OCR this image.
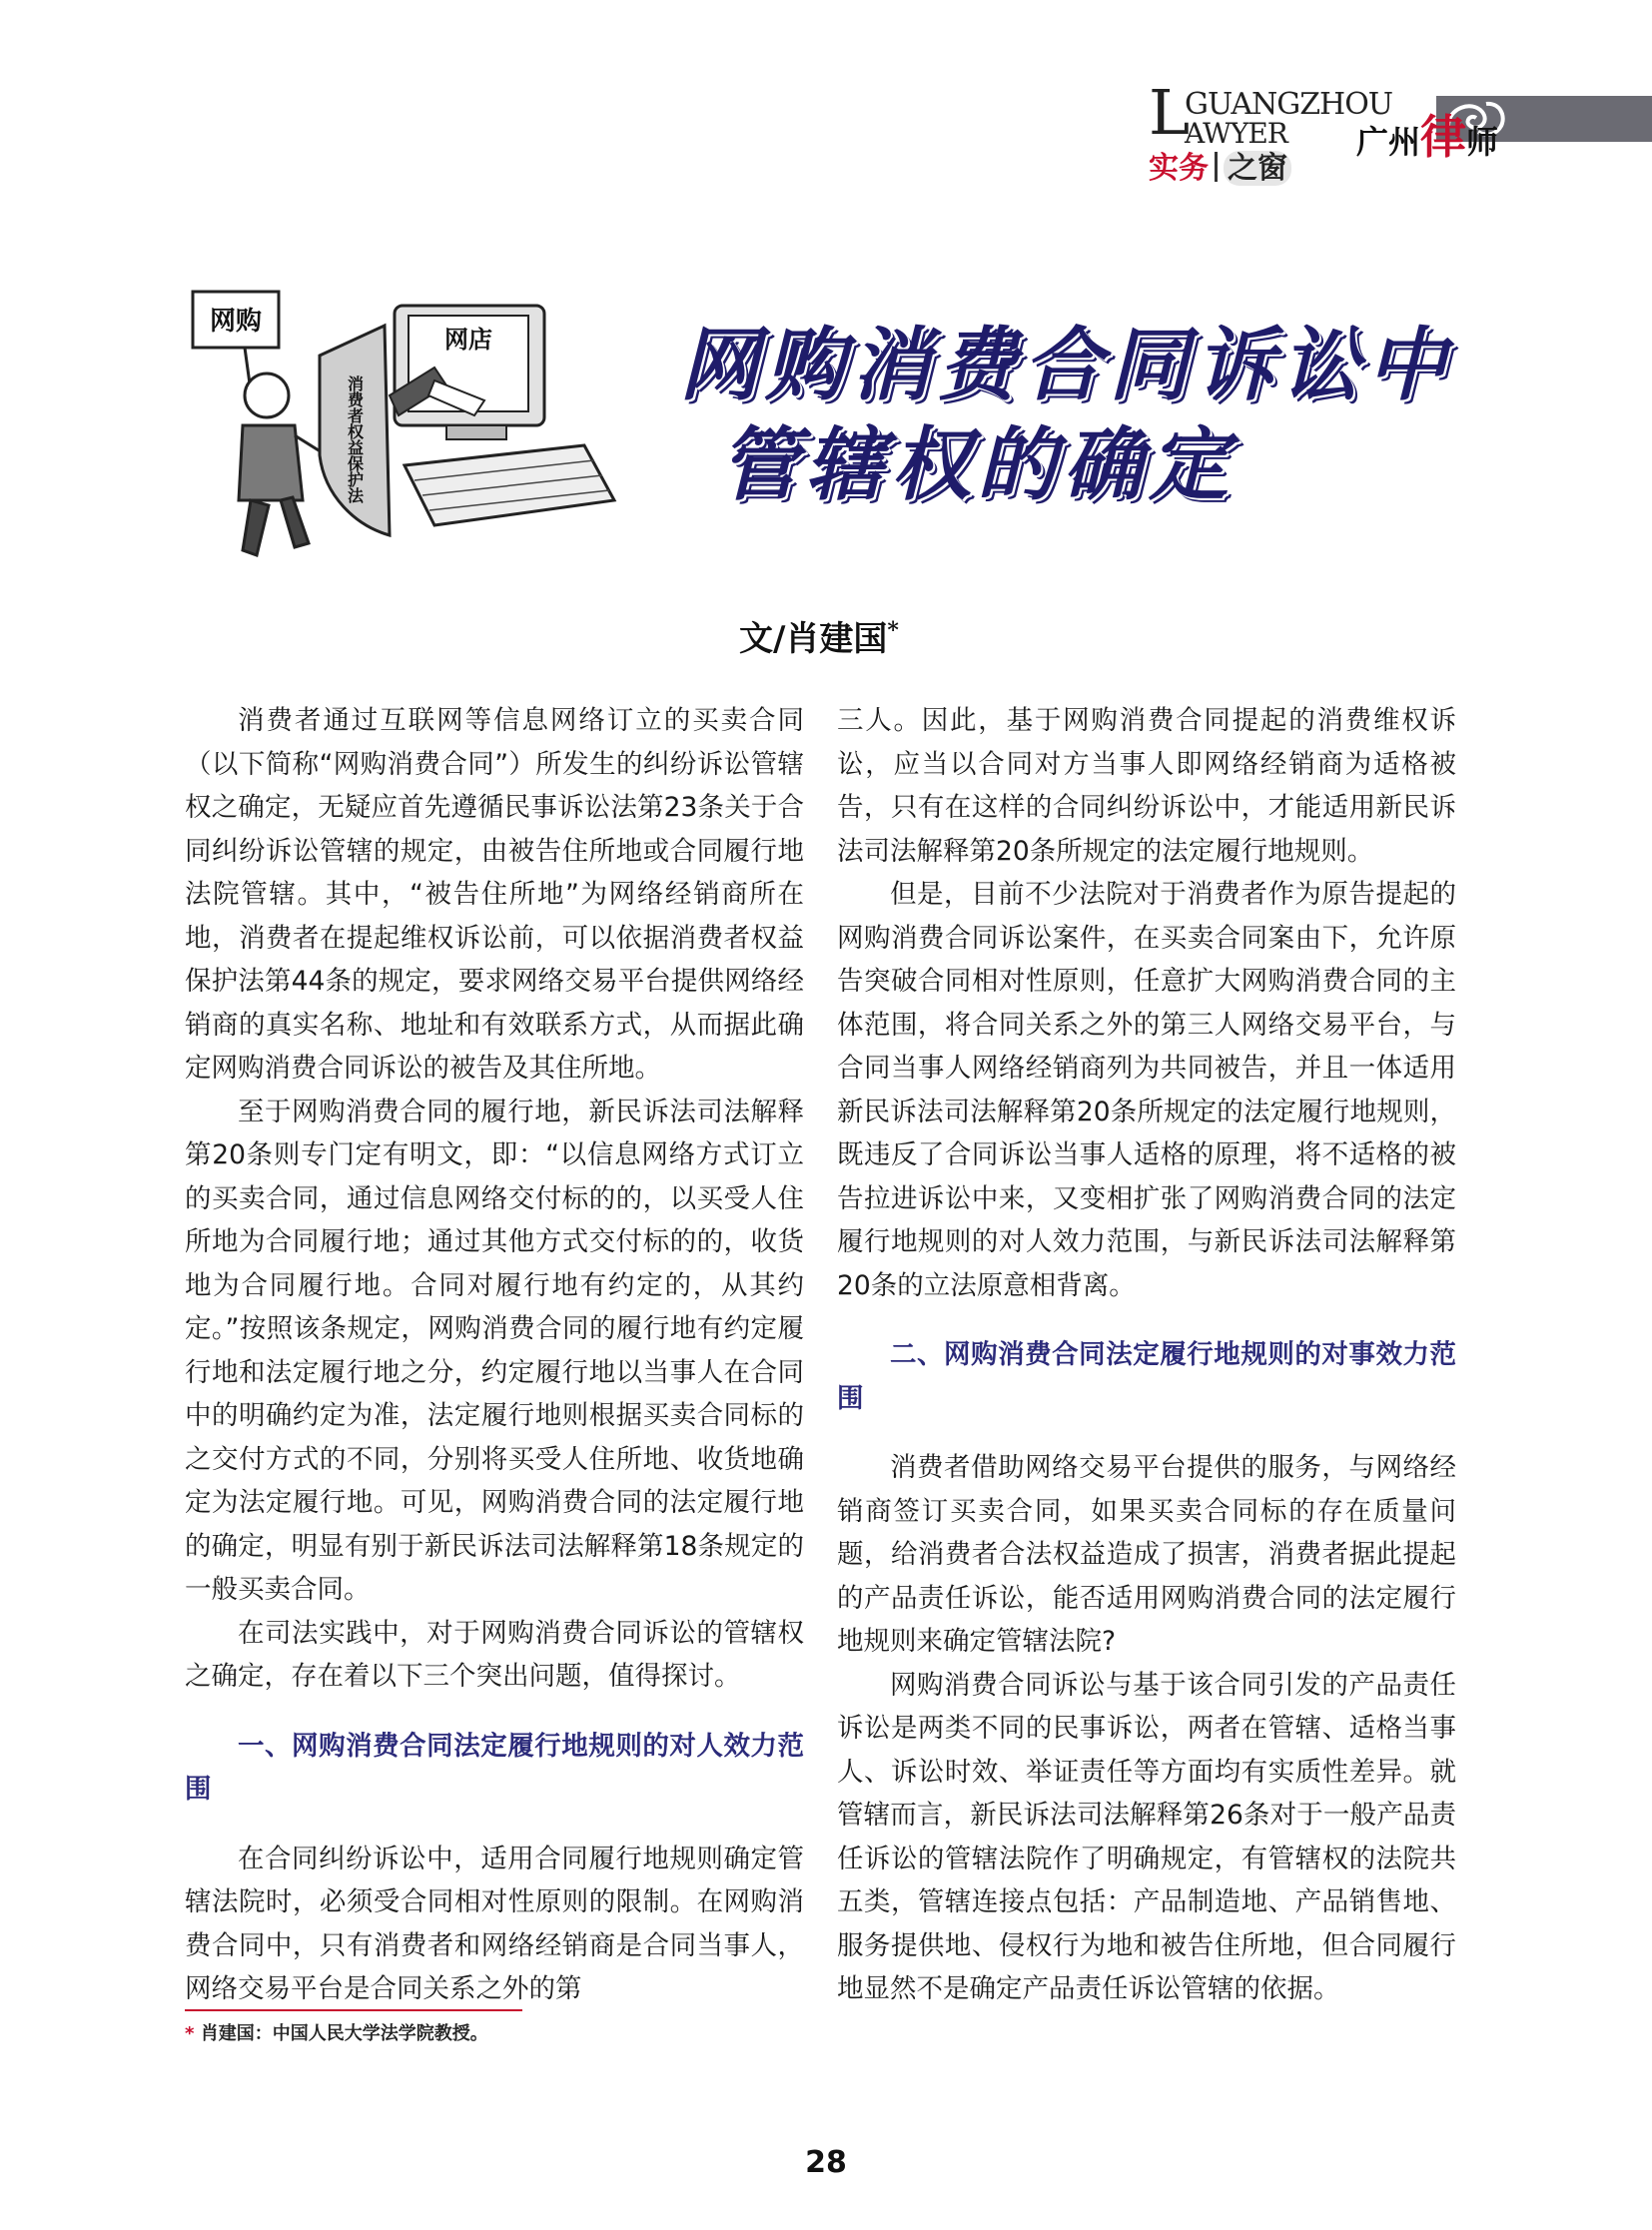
L
GUANGZHOU
AWYER 广州律师
实务 之窗
网购
消费者权益保护法
网店 网购消费合同诉讼中
管辖权的确定
文/肖建国*

消费者通过互联网等信息网络订立的买卖合同（以下简称“网购消费合同”）所发生的纠纷诉讼管辖权之确定，无疑应首先遵循民事诉讼法第23条关于合同纠纷诉讼管辖的规定，由被告住所地或合同履行地法院管辖。其中，“被告住所地”为网络经销商所在地，消费者在提起维权诉讼前，可以依据消费者权益保护法第44条的规定，要求网络交易平台提供网络经销商的真实名称、地址和有效联系方式，从而据此确定网购消费合同诉讼的被告及其住所地。

至于网购消费合同的履行地，新民诉法司法解释第20条则专门定有明文，即：“以信息网络方式订立的买卖合同，通过信息网络交付标的的，以买受人住所地为合同履行地；通过其他方式交付标的的，收货地为合同履行地。合同对履行地有约定的，从其约定。”按照该条规定，网购消费合同的履行地有约定履行地和法定履行地之分，约定履行地以当事人在合同中的明确约定为准，法定履行地则根据买卖合同标的之交付方式的不同，分别将买受人住所地、收货地确定为法定履行地。可见，网购消费合同的法定履行地的确定，明显有别于新民诉法司法解释第18条规定的一般买卖合同。

在司法实践中，对于网购消费合同诉讼的管辖权之确定，存在着以下三个突出问题，值得探讨。

一、网购消费合同法定履行地规则的对人效力范围

在合同纠纷诉讼中，适用合同履行地规则确定管辖法院时，必须受合同相对性原则的限制。在网购消费合同中，只有消费者和网络经销商是合同当事人，网络交易平台是合同关系之外的第

三人。因此，基于网购消费合同提起的消费维权诉讼，应当以合同对方当事人即网络经销商为适格被告，只有在这样的合同纠纷诉讼中，才能适用新民诉法司法解释第20条所规定的法定履行地规则。

但是，目前不少法院对于消费者作为原告提起的网购消费合同诉讼案件，在买卖合同案由下，允许原告突破合同相对性原则，任意扩大网购消费合同的主体范围，将合同关系之外的第三人网络交易平台，与合同当事人网络经销商列为共同被告，并且一体适用新民诉法司法解释第20条所规定的法定履行地规则，既违反了合同诉讼当事人适格的原理，将不适格的被告拉进诉讼中来，又变相扩张了网购消费合同的法定履行地规则的对人效力范围，与新民诉法司法解释第20条的立法原意相背离。

二、网购消费合同法定履行地规则的对事效力范围

消费者借助网络交易平台提供的服务，与网络经销商签订买卖合同，如果买卖合同标的存在质量问题，给消费者合法权益造成了损害，消费者据此提起的产品责任诉讼，能否适用网购消费合同的法定履行地规则来确定管辖法院?

网购消费合同诉讼与基于该合同引发的产品责任诉讼是两类不同的民事诉讼，两者在管辖、适格当事人、诉讼时效、举证责任等方面均有实质性差异。就管辖而言，新民诉法司法解释第26条对于一般产品责任诉讼的管辖法院作了明确规定，有管辖权的法院共五类，管辖连接点包括：产品制造地、产品销售地、服务提供地、侵权行为地和被告住所地，但合同履行地显然不是确定产品责任诉讼管辖的依据。

* 肖建国：中国人民大学法学院教授。
28
